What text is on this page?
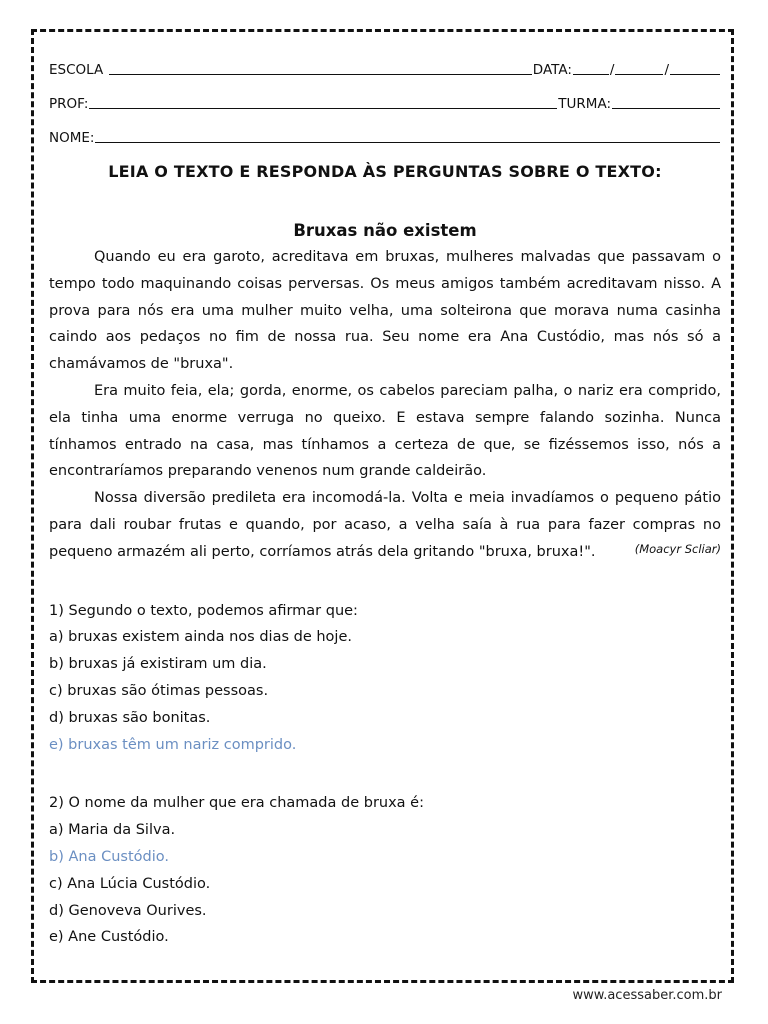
ESCOLA	DATA:	/	/
PROF:	TURMA:
NOME:
LEIA O TEXTO E RESPONDA ÀS PERGUNTAS SOBRE O TEXTO:
Bruxas não existem

Quando eu era garoto, acreditava em bruxas, mulheres malvadas que passavam o tempo todo maquinando coisas perversas. Os meus amigos também acreditavam nisso. A prova para nós era uma mulher muito velha, uma solteirona que morava numa casinha caindo aos pedaços no fim de nossa rua. Seu nome era Ana Custódio, mas nós só a chamávamos de "bruxa".

Era muito feia, ela; gorda, enorme, os cabelos pareciam palha, o nariz era comprido, ela tinha uma enorme verruga no queixo. E estava sempre falando sozinha. Nunca tínhamos entrado na casa, mas tínhamos a certeza de que, se fizéssemos isso, nós a encontraríamos preparando venenos num grande caldeirão.

Nossa diversão predileta era incomodá-la. Volta e meia invadíamos o pequeno pátio para dali roubar frutas e quando, por acaso, a velha saía à rua para fazer compras no pequeno armazém ali perto, corríamos atrás dela gritando "bruxa, bruxa!".	(Moacyr Scliar)
1) Segundo o texto, podemos afirmar que:
a) bruxas existem ainda nos dias de hoje.
b) bruxas já existiram um dia.
c) bruxas são ótimas pessoas.
d) bruxas são bonitas.
e) bruxas têm um nariz comprido.
2) O nome da mulher que era chamada de bruxa é:
a) Maria da Silva.
b) Ana Custódio.
c) Ana Lúcia Custódio.
d) Genoveva Ourives.
e) Ane Custódio.
www.acessaber.com.br
